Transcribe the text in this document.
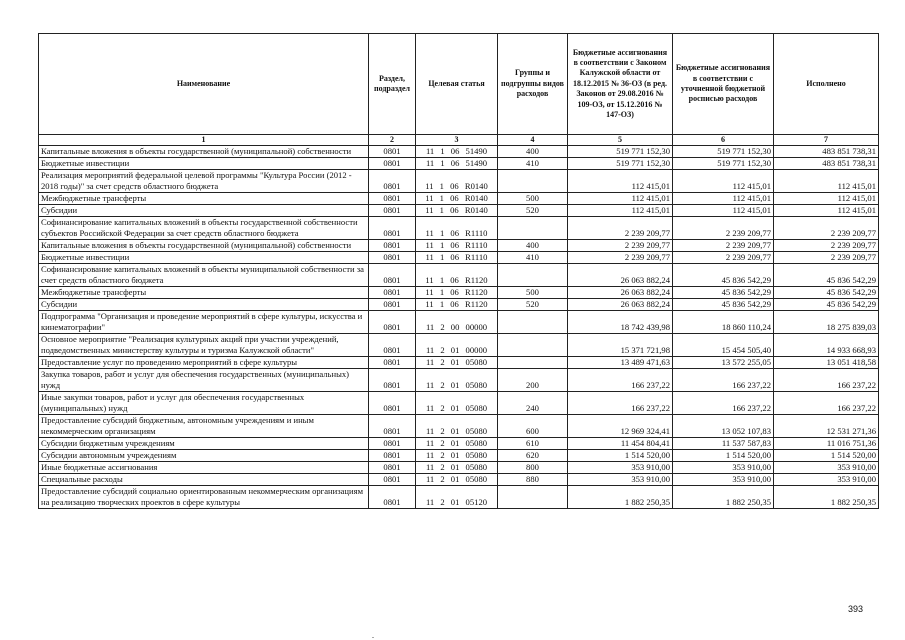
Наименование	Раздел, подраздел	Целевая статья	Группы и подгруппы видов расходов	Бюджетные ассигнования в соответствии с Законом Калужской области от 18.12.2015 № 36-ОЗ (в ред. Законов от 29.08.2016 № 109-ОЗ, от 15.12.2016 № 147-ОЗ)	Бюджетные ассигнования в соответствии с уточненной бюджетной росписью расходов	Исполнено
1	2	3	4	5	6	7
Капитальные вложения в объекты государственной (муниципальной) собственности	0801	11 1 06 51490	400	519 771 152,30	519 771 152,30	483 851 738,31
Бюджетные инвестиции	0801	11 1 06 51490	410	519 771 152,30	519 771 152,30	483 851 738,31
Реализация мероприятий федеральной целевой программы "Культура России (2012 - 2018 годы)" за счет средств областного бюджета	0801	11 1 06 R0140		112 415,01	112 415,01	112 415,01
Межбюджетные трансферты	0801	11 1 06 R0140	500	112 415,01	112 415,01	112 415,01
Субсидии	0801	11 1 06 R0140	520	112 415,01	112 415,01	112 415,01
Софинансирование капитальных вложений в объекты государственной собственности субъектов Российской Федерации за счет средств областного бюджета	0801	11 1 06 R1110		2 239 209,77	2 239 209,77	2 239 209,77
Капитальные вложения в объекты государственной (муниципальной) собственности	0801	11 1 06 R1110	400	2 239 209,77	2 239 209,77	2 239 209,77
Бюджетные инвестиции	0801	11 1 06 R1110	410	2 239 209,77	2 239 209,77	2 239 209,77
Софинансирование капитальных вложений в объекты муниципальной собственности за счет средств областного бюджета	0801	11 1 06 R1120		26 063 882,24	45 836 542,29	45 836 542,29
Межбюджетные трансферты	0801	11 1 06 R1120	500	26 063 882,24	45 836 542,29	45 836 542,29
Субсидии	0801	11 1 06 R1120	520	26 063 882,24	45 836 542,29	45 836 542,29
Подпрограмма "Организация и проведение мероприятий в сфере культуры, искусства и кинематографии"	0801	11 2 00 00000		18 742 439,98	18 860 110,24	18 275 839,03
Основное мероприятие "Реализация культурных акций при участии учреждений, подведомственных министерству культуры и туризма Калужской области"	0801	11 2 01 00000		15 371 721,98	15 454 505,40	14 933 668,93
Предоставление услуг по проведению мероприятий в сфере культуры	0801	11 2 01 05080		13 489 471,63	13 572 255,05	13 051 418,58
Закупка товаров, работ и услуг для обеспечения государственных (муниципальных) нужд	0801	11 2 01 05080	200	166 237,22	166 237,22	166 237,22
Иные закупки товаров, работ и услуг для обеспечения государственных (муниципальных) нужд	0801	11 2 01 05080	240	166 237,22	166 237,22	166 237,22
Предоставление субсидий бюджетным, автономным учреждениям и иным некоммерческим организациям	0801	11 2 01 05080	600	12 969 324,41	13 052 107,83	12 531 271,36
Субсидии бюджетным учреждениям	0801	11 2 01 05080	610	11 454 804,41	11 537 587,83	11 016 751,36
Субсидии автономным учреждениям	0801	11 2 01 05080	620	1 514 520,00	1 514 520,00	1 514 520,00
Иные бюджетные ассигнования	0801	11 2 01 05080	800	353 910,00	353 910,00	353 910,00
Специальные расходы	0801	11 2 01 05080	880	353 910,00	353 910,00	353 910,00
Предоставление субсидий социально ориентированным некоммерческим организациям на реализацию творческих проектов в сфере культуры	0801	11 2 01 05120		1 882 250,35	1 882 250,35	1 882 250,35
393
.
